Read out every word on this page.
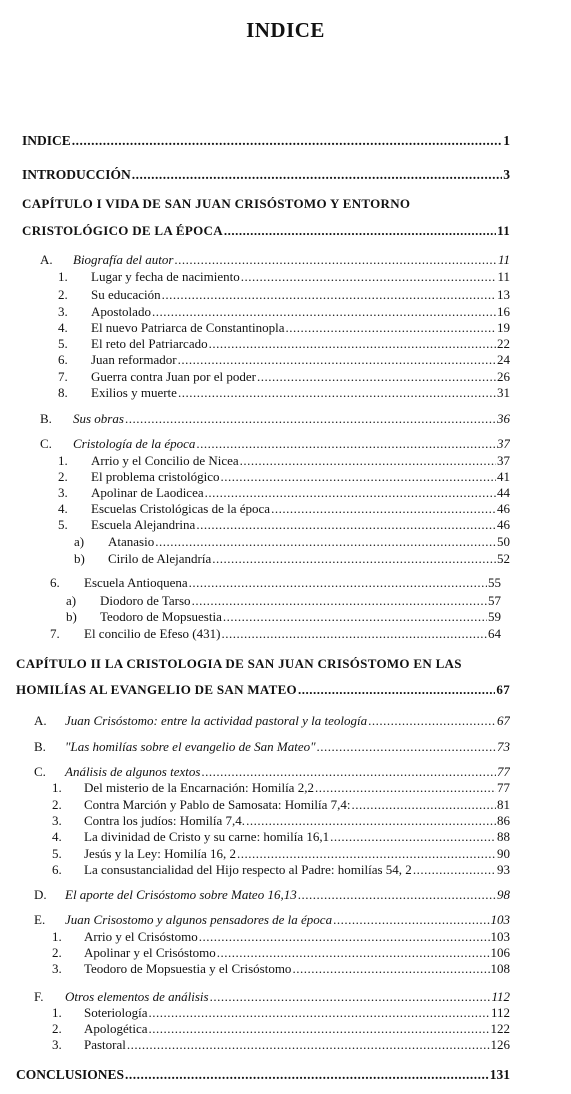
INDICE
INDICE .....	1
INTRODUCCIÓN .....	3
CAPÍTULO I VIDA DE SAN JUAN CRISÓSTOMO Y ENTORNO
CRISTOLÓGICO DE LA ÉPOCA .....	11
A.	Biografía del autor .....	11
1.	Lugar y fecha de nacimiento .....	11
2.	Su educación .....	13
3.	Apostolado .....	16
4.	El nuevo Patriarca de Constantinopla .....	19
5.	El reto del Patriarcado .....	22
6.	Juan reformador .....	24
7.	Guerra contra Juan por el poder .....	26
8.	Exilios y muerte .....	31
B.	Sus obras .....	36
C.	Cristología de la época .....	37
1.	Arrio y el Concilio de Nicea .....	37
2.	El problema cristológico .....	41
3.	Apolinar de Laodicea .....	44
4.	Escuelas Cristológicas de la época .....	46
5.	Escuela Alejandrina .....	46
a)	Atanasio .....	50
b)	Cirilo de Alejandría .....	52
6.	Escuela Antioquena .....	55
a)	Diodoro de Tarso .....	57
b)	Teodoro de Mopsuestia .....	59
7.	El concilio de Efeso (431) .....	64
CAPÍTULO II LA CRISTOLOGIA DE SAN JUAN CRISÓSTOMO EN LAS
HOMILÍAS AL EVANGELIO DE SAN MATEO .....	67
A.	Juan Crisóstomo: entre la actividad pastoral y la teología .....	67
B.	"Las homilías sobre el evangelio de San Mateo" .....	73
C.	Análisis de algunos textos .....	77
1.	Del misterio de la Encarnación: Homilía 2,2 .....	77
2.	Contra Marción y Pablo de Samosata: Homilía 7,4: .....	81
3.	Contra los judíos: Homilía 7,4. .....	86
4.	La divinidad de Cristo y su carne: homilía 16,1 .....	88
5.	Jesús y la Ley: Homilía 16, 2 .....	90
6.	La consustancialidad del Hijo respecto al Padre: homilías 54, 2 .....	93
D.	El aporte del Crisóstomo sobre Mateo 16,13 .....	98
E.	Juan Crisostomo y algunos pensadores de la época .....	103
1.	Arrio y el Crisóstomo .....	103
2.	Apolinar y el Crisóstomo .....	106
3.	Teodoro de Mopsuestia y el Crisóstomo .....	108
F.	Otros elementos de análisis .....	112
1.	Soteriología .....	112
2.	Apologética .....	122
3.	Pastoral .....	126
CONCLUSIONES .....	131
